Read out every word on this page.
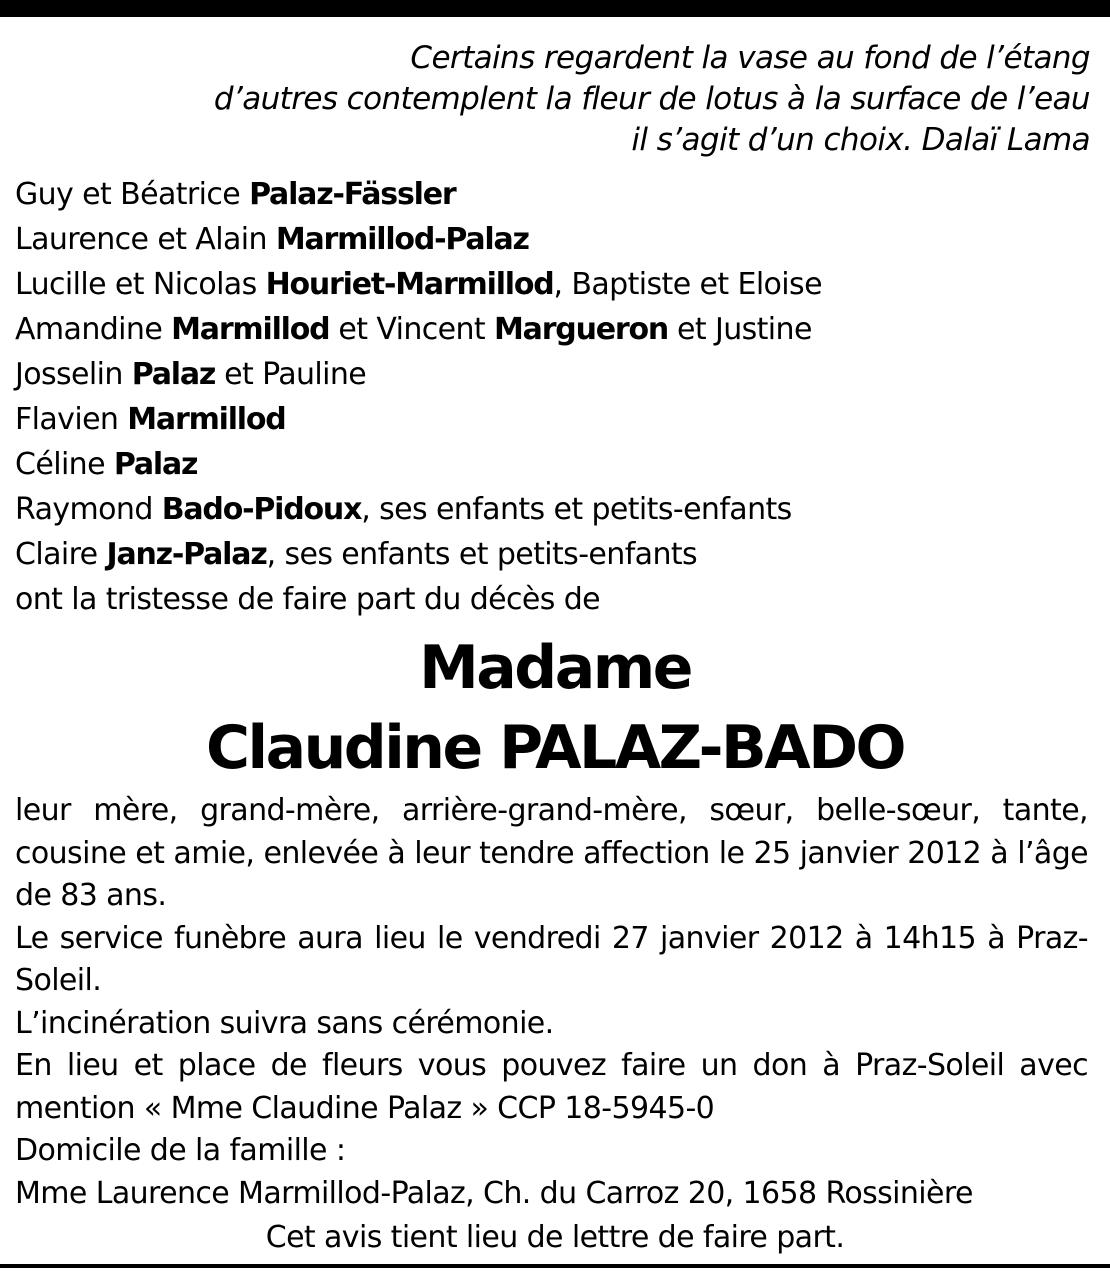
Certains regardent la vase au fond de l’étang
d’autres contemplent la fleur de lotus à la surface de l’eau
il s’agit d’un choix. Dalaï Lama
Guy et Béatrice Palaz-Fässler
Laurence et Alain Marmillod-Palaz
Lucille et Nicolas Houriet-Marmillod, Baptiste et Eloise
Amandine Marmillod et Vincent Margueron et Justine
Josselin Palaz et Pauline
Flavien Marmillod
Céline Palaz
Raymond Bado-Pidoux, ses enfants et petits-enfants
Claire Janz-Palaz, ses enfants et petits-enfants
ont la tristesse de faire part du décès de
Madame
Claudine PALAZ-BADO

leur mère, grand-mère, arrière-grand-mère, sœur, belle-sœur, tante, cousine et amie, enlevée à leur tendre affection le 25 janvier 2012 à l’âge de 83 ans.

Le service funèbre aura lieu le vendredi 27 janvier 2012 à 14h15 à Praz-Soleil.

L’incinération suivra sans cérémonie.

En lieu et place de fleurs vous pouvez faire un don à Praz-Soleil avec mention « Mme Claudine Palaz » CCP 18-5945-0

Domicile de la famille :

Mme Laurence Marmillod-Palaz, Ch. du Carroz 20, 1658 Rossinière

Cet avis tient lieu de lettre de faire part.
